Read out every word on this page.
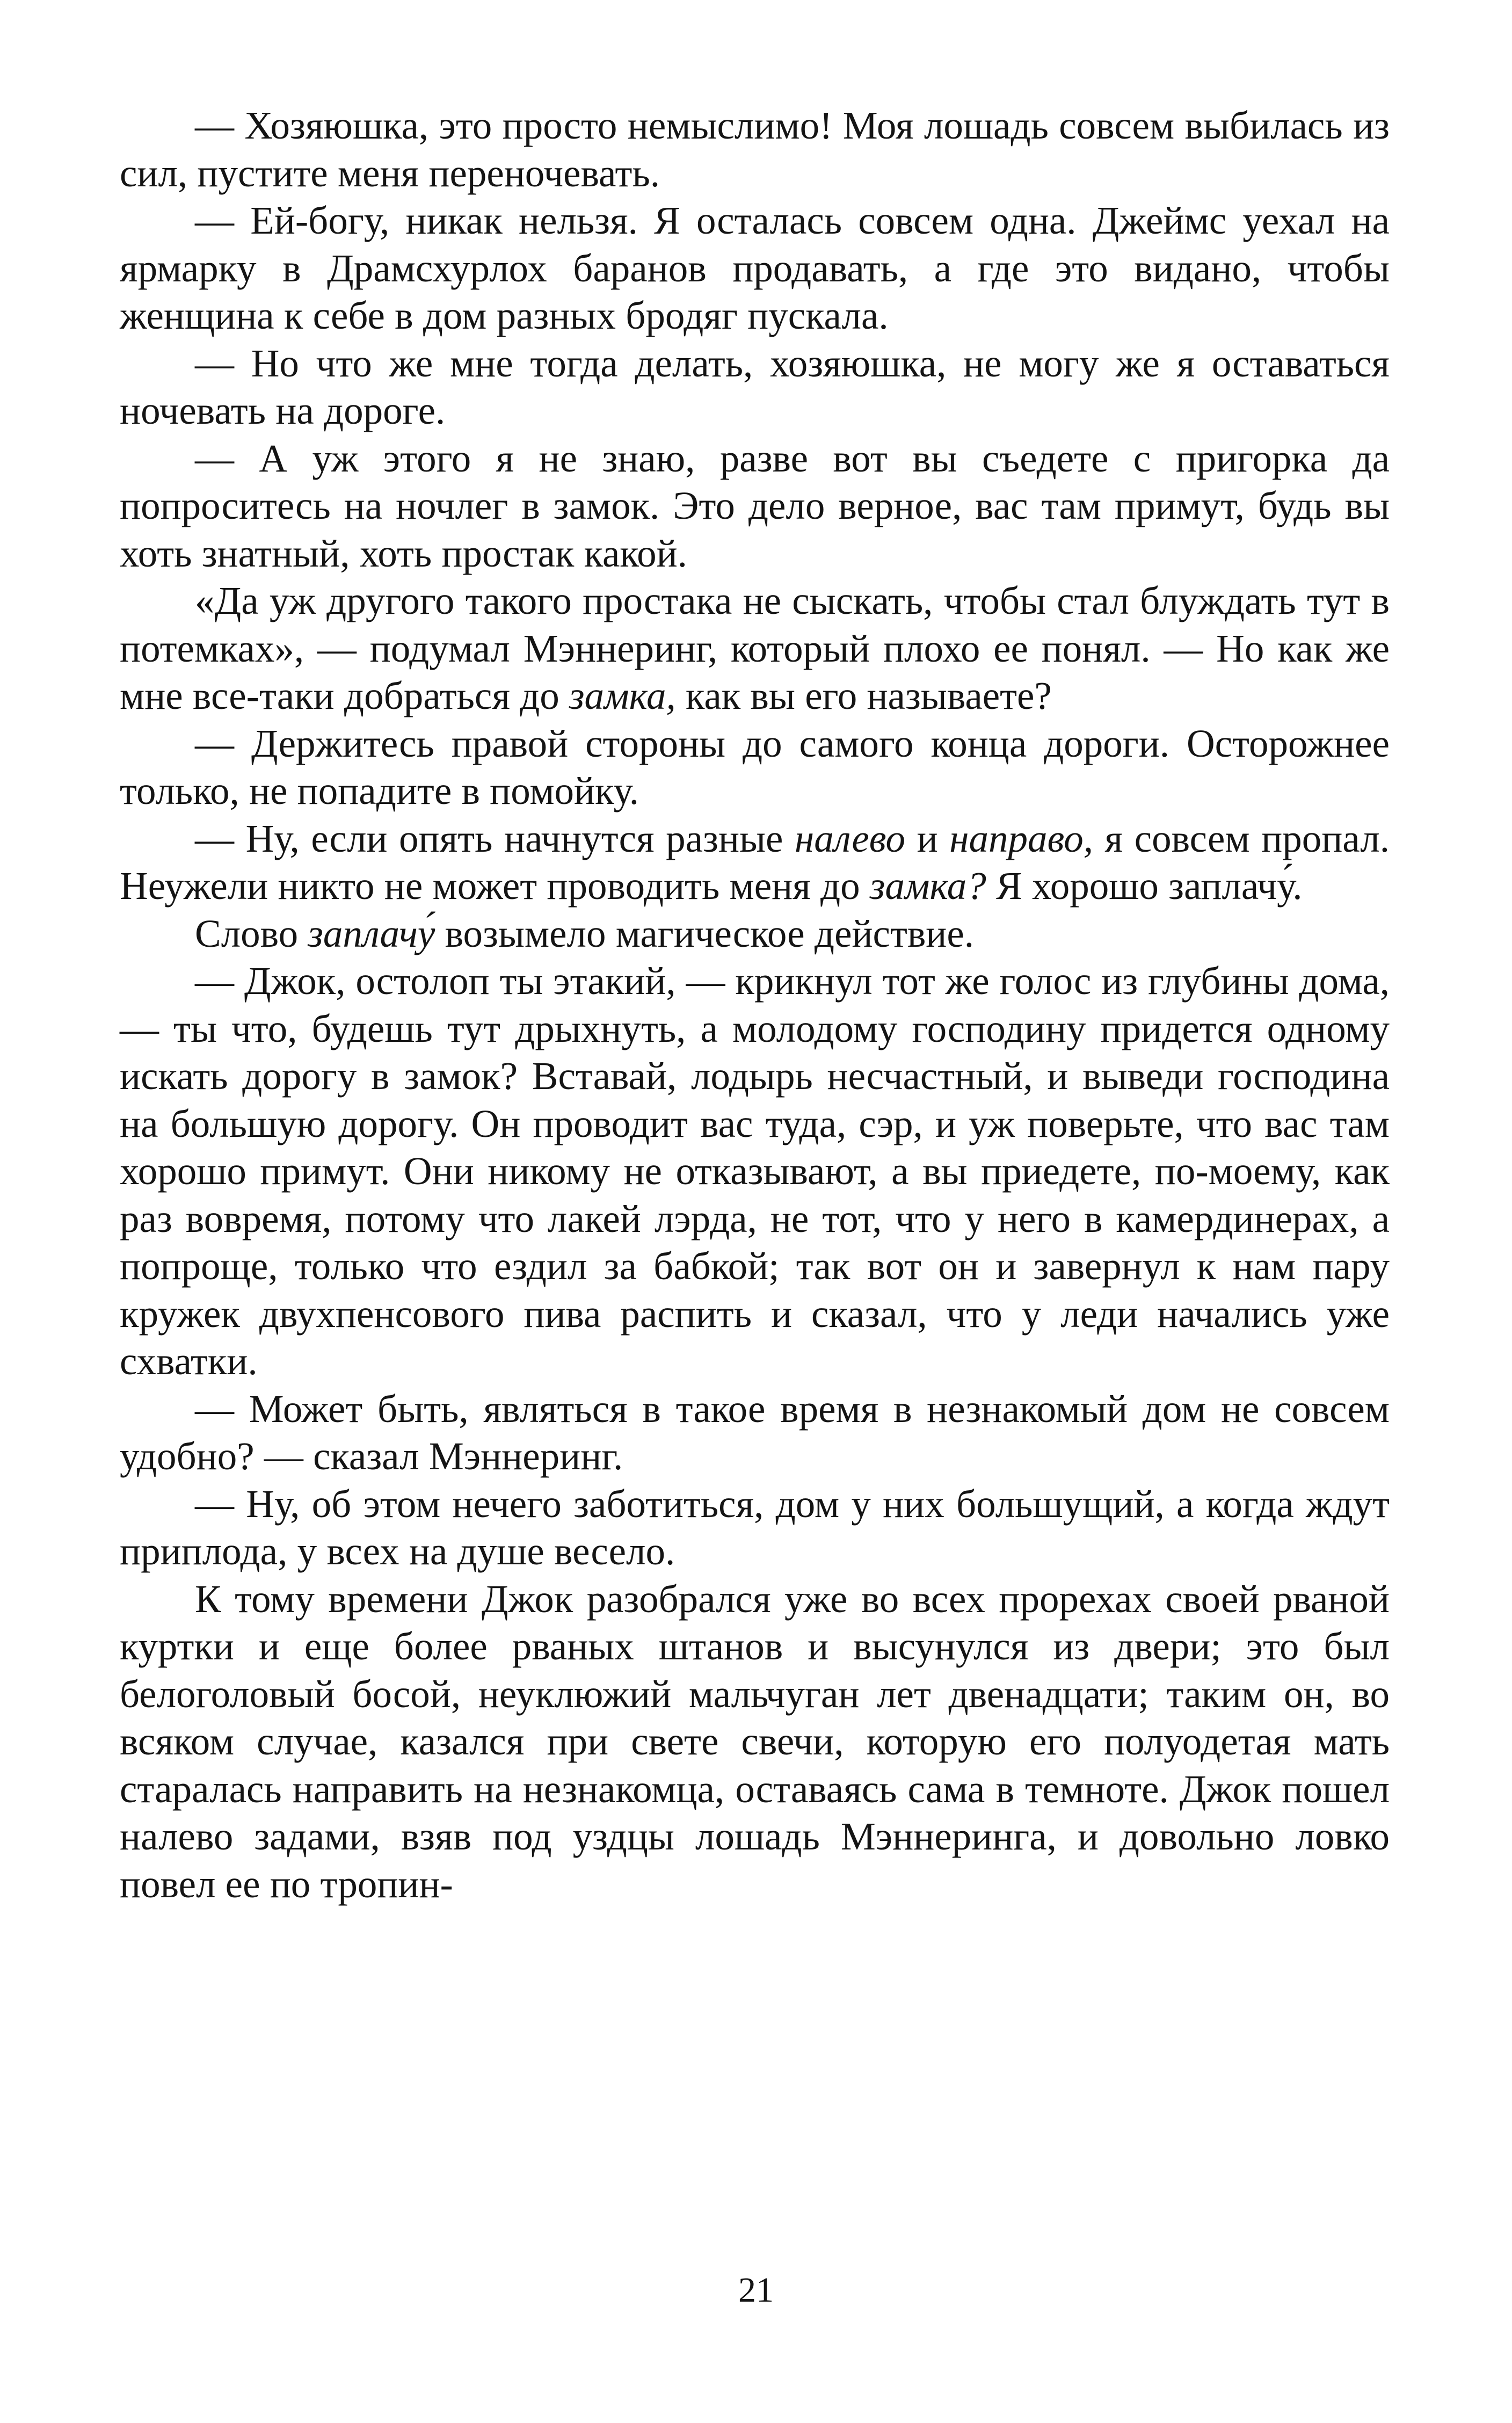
— Хозяюшка, это просто немыслимо! Моя лошадь совсем выбилась из сил, пустите меня переночевать.

— Ей-богу, никак нельзя. Я осталась совсем одна. Джеймс уехал на ярмарку в Драмсхурлох баранов продавать, а где это видано, чтобы женщина к себе в дом разных бродяг пускала.

— Но что же мне тогда делать, хозяюшка, не могу же я оставаться ночевать на дороге.

— А уж этого я не знаю, разве вот вы съедете с пригорка да попроситесь на ночлег в замок. Это дело верное, вас там примут, будь вы хоть знатный, хоть простак какой.

«Да уж другого такого простака не сыскать, чтобы стал блуждать тут в потемках», — подумал Мэннеринг, который плохо ее понял. — Но как же мне все-таки добраться до замка, как вы его называете?

— Держитесь правой стороны до самого конца дороги. Осторожнее только, не попадите в помойку.

— Ну, если опять начнутся разные налево и направо, я совсем пропал. Неужели никто не может проводить меня до замка? Я хорошо заплачу́.

Слово заплачу́ возымело магическое действие.

— Джок, остолоп ты этакий, — крикнул тот же голос из глубины дома, — ты что, будешь тут дрыхнуть, а молодому господину придется одному искать дорогу в замок? Вставай, лодырь несчастный, и выведи господина на большую дорогу. Он проводит вас туда, сэр, и уж поверьте, что вас там хорошо примут. Они никому не отказывают, а вы приедете, по-моему, как раз вовремя, потому что лакей лэрда, не тот, что у него в камердинерах, а попроще, только что ездил за бабкой; так вот он и завернул к нам пару кружек двухпенсового пива распить и сказал, что у леди начались уже схватки.

— Может быть, являться в такое время в незнакомый дом не совсем удобно? — сказал Мэннеринг.

— Ну, об этом нечего заботиться, дом у них большущий, а когда ждут приплода, у всех на душе весело.

К тому времени Джок разобрался уже во всех прорехах своей рваной куртки и еще более рваных штанов и высунулся из двери; это был белоголовый босой, неуклюжий мальчуган лет двенадцати; таким он, во всяком случае, казался при свете свечи, которую его полуодетая мать старалась направить на незнакомца, оставаясь сама в темноте. Джок пошел налево задами, взяв под уздцы лошадь Мэннеринга, и довольно ловко повел ее по тропин-

21
